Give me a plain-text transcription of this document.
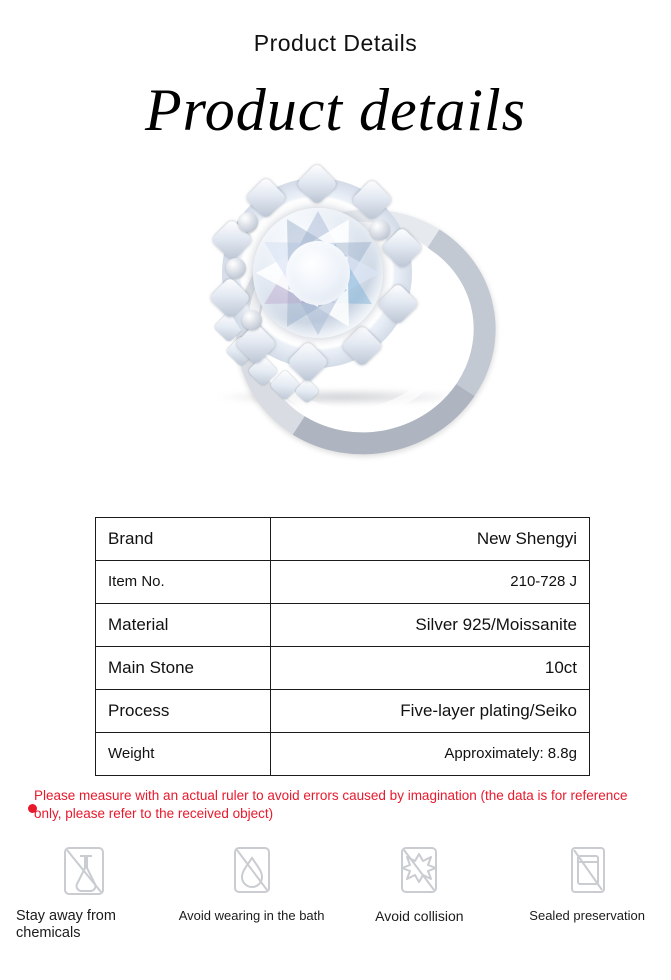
Product Details
Product details
Brand	New Shengyi
Item No.	210-728 J
Material	Silver 925/Moissanite
Main Stone	10ct
Process	Five-layer plating/Seiko
Weight	Approximately: 8.8g
Please measure with an actual ruler to avoid errors caused by imagination (the data is for reference only, please refer to the received object)
Stay away from chemicals
Avoid wearing in the bath	Avoid collision	Sealed preservation
